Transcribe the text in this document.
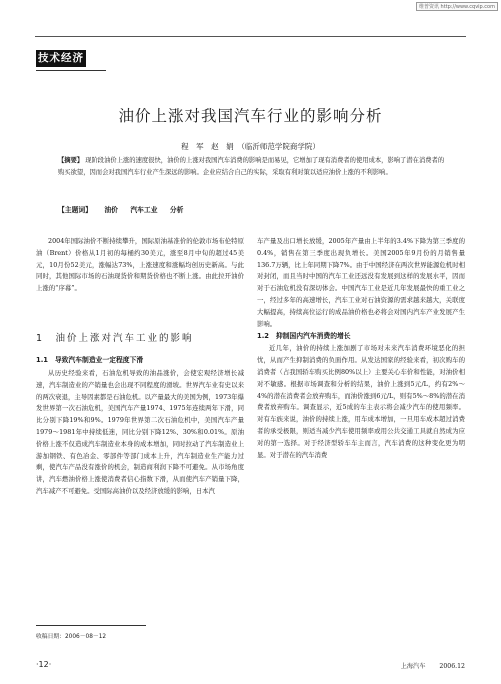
维普资讯 http://www.cqvip.com
技术经济
油价上涨对我国汽车行业的影响分析
程　军　赵　娟　（临沂师范学院商学院）
【摘要】 现阶段油价上涨的速度很快，油价的上涨对我国汽车消费的影响是而易见，它增加了现有消费者的使用成本，影响了潜在消费者的购买欲望，因而会对我国汽车行业产生深远的影响。企业应结合自己的实际，采取有利对策以适应油价上涨的不利影响。
【主题词】 油价 汽车工业 分析

2004年国际油价不断持续攀升，国际原油基准价的伦敦市场布伦特原油（Brent）价格从1月初的每桶约30美元，涨至8月中旬的超过45美元，10月份52美元，涨幅达73%，上涨速度和涨幅均创历史新高。与此同时，其他国际市场的石油现货价和期货价格也不断上涨。由此拉开油价上涨的“序幕”。

1　油价上涨对汽车工业的影响
1.1　导致汽车制造业一定程度下滑

从历史经验来看，石油危机导致的油品涨价，会使宏观经济增长减速，汽车制造业的产销量也会出现不同程度的滑坡。世界汽车业有史以来的两次衰退，主导因素都是石油危机。以产量最大的美国为例，1973年爆发世界第一次石油危机，美国汽车产量1974、1975年连续两年下滑，同比分别下降19%和9%。1979年世界第二次石油危机中，美国汽车产量1979～1981年中持续低迷，同比分别下降12%、30%和0.01%。原油价格上涨不仅造成汽车制造业本身的成本增加，同时拉动了汽车制造业上游加钢铁、有色冶金、零部件等部门成本上升，汽车制造业生产能力过剩，使汽车产品没有涨价的机会，制造商利润下降不可避免。从市场角度讲，汽车燃油价格上涨使消费者信心指数下滑，从而使汽车产销量下降，汽车减产不可避免。受国际高油价以及经济放缓的影响，日本汽

车产量及出口增长放缓，2005年产量由上半年的3.4%下降为第三季度的0.4%，销售在第三季度出现负增长。美国2005年9月份的月销售量136.7万辆，比上年同期下降7%。由于中国经济在两次世界能源危机时相对封闭，而且当时中国的汽车工业还远没有发展到这样的发展水平，因而对于石油危机没有深切体会。中国汽车工业是近几年发展最快的重工业之一，经过多年的高速增长，汽车工业对石油资源的需求越来越大，关联度大幅提高，持续高位运行的成品油价格也必将会对国内汽车产业发展产生影响。

1.2　抑制国内汽车消费的增长

近几年，油价的持续上涨加剧了市场对未来汽车消费环境恶化的担忧，从而产生抑制消费的负面作用。从发达国家的经验来看，初次购车的消费者（占我国轿车购买比例80%以上）主要关心车价和性能，对油价相对不敏感。根据市场调查和分析的结果，油价上涨到5元/L，约有2%～4%的潜在消费者会放弃购车，而油价涨到6元/L，则有5%～8%的潜在消费者放弃购车。调查显示，近5成的车主表示将会减少汽车的使用频率。对有车族来说，油价的持续上涨，用车成本增加，一旦用车成本超过消费者的承受极限，则适当减少汽车使用频率或用公共交通工具就自然成为应对的第一选择。对于经济型轿车车主而言，汽车消费的这种变化更为明显。对于潜在的汽车消费

收稿日期：2006－08－12
·12·	上海汽车 2006.12
